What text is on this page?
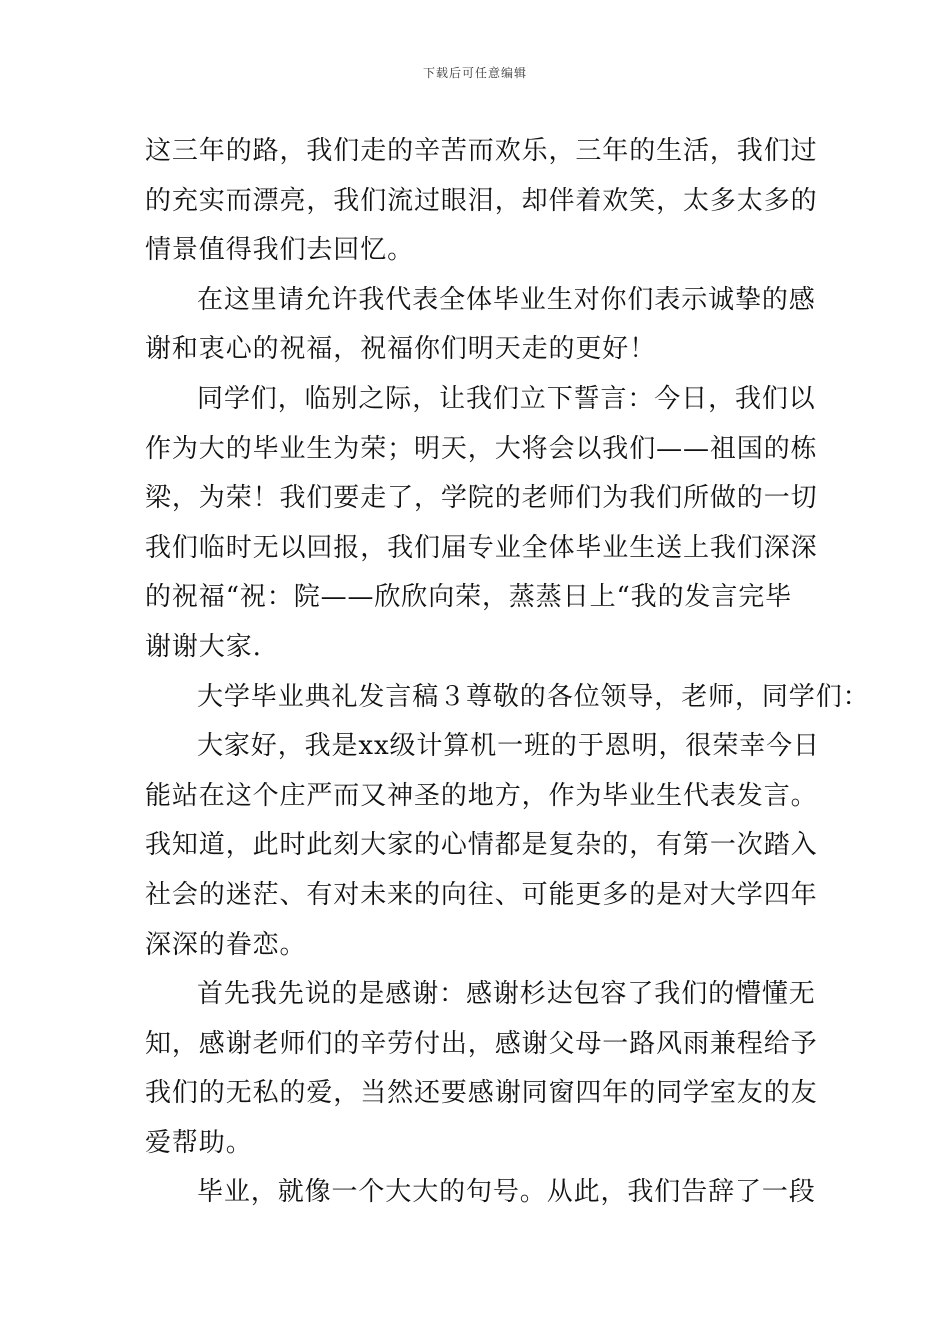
下载后可任意编辑
这三年的路，我们走的辛苦而欢乐，三年的生活，我们过
的充实而漂亮，我们流过眼泪，却伴着欢笑，太多太多的
情景值得我们去回忆。
在这里请允许我代表全体毕业生对你们表示诚挚的感
谢和衷心的祝福，祝福你们明天走的更好！
同学们，临别之际，让我们立下誓言：今日，我们以
作为大的毕业生为荣；明天，大将会以我们——祖国的栋
梁，为荣！我们要走了，学院的老师们为我们所做的一切
我们临时无以回报，我们届专业全体毕业生送上我们深深
的祝福“祝：院——欣欣向荣，蒸蒸日上“我的发言完毕
谢谢大家.
大学毕业典礼发言稿３尊敬的各位领导，老师，同学们：
大家好，我是xx级计算机一班的于恩明，很荣幸今日
能站在这个庄严而又神圣的地方，作为毕业生代表发言。
我知道，此时此刻大家的心情都是复杂的，有第一次踏入
社会的迷茫、有对未来的向往、可能更多的是对大学四年
深深的眷恋。
首先我先说的是感谢：感谢杉达包容了我们的懵懂无
知，感谢老师们的辛劳付出，感谢父母一路风雨兼程给予
我们的无私的爱，当然还要感谢同窗四年的同学室友的友
爱帮助。
毕业，就像一个大大的句号。从此，我们告辞了一段
